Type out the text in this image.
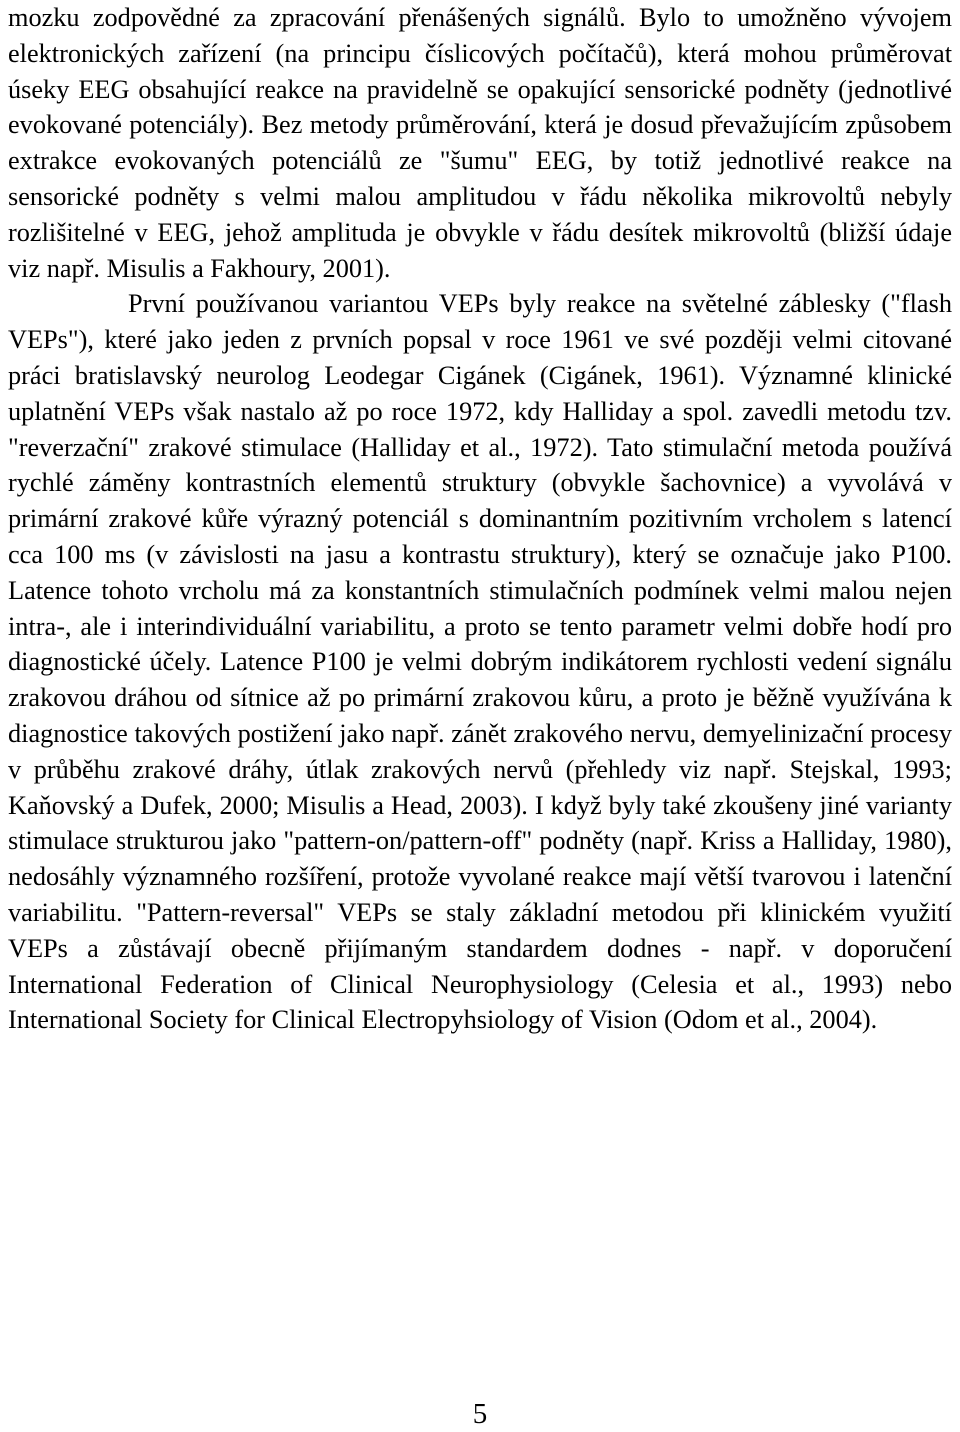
mozku zodpovědné za zpracování přenášených signálů. Bylo to umožněno vývojem elektronických zařízení (na principu číslicových počítačů), která mohou průměrovat úseky EEG obsahující reakce na pravidelně se opakující sensorické podněty (jednotlivé evokované potenciály). Bez metody průměrování, která je dosud převažujícím způsobem extrakce evokovaných potenciálů ze "šumu" EEG, by totiž jednotlivé reakce na sensorické podněty s velmi malou amplitudou v řádu několika mikrovoltů nebyly rozlišitelné v EEG, jehož amplituda je obvykle v řádu desítek mikrovoltů (bližší údaje viz např. Misulis a Fakhoury, 2001).

První používanou variantou VEPs byly reakce na světelné záblesky ("flash VEPs"), které jako jeden z prvních popsal v roce 1961 ve své později velmi citované práci bratislavský neurolog Leodegar Cigánek (Cigánek, 1961). Významné klinické uplatnění VEPs však nastalo až po roce 1972, kdy Halliday a spol. zavedli metodu tzv. "reverzační" zrakové stimulace (Halliday et al., 1972). Tato stimulační metoda používá rychlé záměny kontrastních elementů struktury (obvykle šachovnice) a vyvolává v primární zrakové kůře výrazný potenciál s dominantním pozitivním vrcholem s latencí cca 100 ms (v závislosti na jasu a kontrastu struktury), který se označuje jako P100. Latence tohoto vrcholu má za konstantních stimulačních podmínek velmi malou nejen intra-, ale i interindividuální variabilitu, a proto se tento parametr velmi dobře hodí pro diagnostické účely. Latence P100 je velmi dobrým indikátorem rychlosti vedení signálu zrakovou dráhou od sítnice až po primární zrakovou kůru, a proto je běžně využívána k diagnostice takových postižení jako např. zánět zrakového nervu, demyelinizační procesy v průběhu zrakové dráhy, útlak zrakových nervů (přehledy viz např. Stejskal, 1993; Kaňovský a Dufek, 2000; Misulis a Head, 2003). I když byly také zkoušeny jiné varianty stimulace strukturou jako "pattern-on/pattern-off" podněty (např. Kriss a Halliday, 1980), nedosáhly významného rozšíření, protože vyvolané reakce mají větší tvarovou i latenční variabilitu. "Pattern-reversal" VEPs se staly základní metodou při klinickém využití VEPs a zůstávají obecně přijímaným standardem dodnes - např. v doporučení International Federation of Clinical Neurophysiology (Celesia et al., 1993) nebo International Society for Clinical Electropyhsiology of Vision (Odom et al., 2004).

5
